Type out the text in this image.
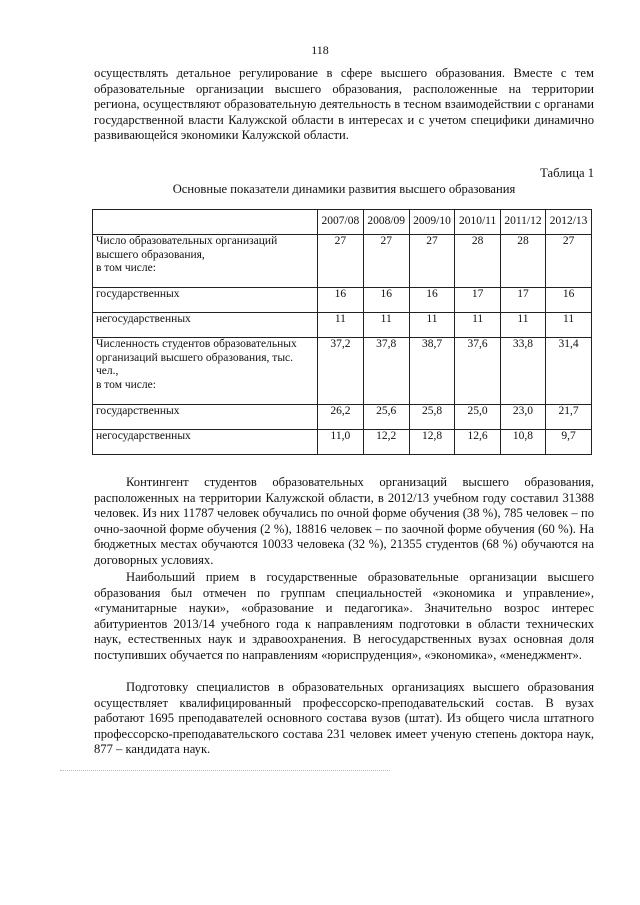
118

осуществлять детальное регулирование в сфере высшего образования. Вместе с тем образовательные организации высшего образования, расположенные на территории региона, осуществляют образовательную деятельность в тесном взаимодействии с органами государственной власти Калужской области в интересах и с учетом специфики динамично развивающейся экономики Калужской области.

Таблица 1
Основные показатели динамики развития высшего образования
	2007/08	2008/09	2009/10	2010/11	2011/12	2012/13
Число образовательных организаций высшего образования,
в том числе:	27	27	27	28	28	27
государственных	16	16	16	17	17	16
негосударственных	11	11	11	11	11	11
Численность студентов образовательных организаций высшего образования, тыс. чел.,
в том числе:	37,2	37,8	38,7	37,6	33,8	31,4
государственных	26,2	25,6	25,8	25,0	23,0	21,7
негосударственных	11,0	12,2	12,8	12,6	10,8	9,7

Контингент студентов образовательных организаций высшего образования, расположенных на территории Калужской области, в 2012/13 учебном году составил 31388 человек. Из них 11787 человек обучались по очной форме обучения (38 %), 785 человек – по очно-заочной форме обучения (2 %), 18816 человек – по заочной форме обучения (60 %). На бюджетных местах обучаются 10033 человека (32 %), 21355 студентов (68 %) обучаются на договорных условиях.

Наибольший прием в государственные образовательные организации высшего образования был отмечен по группам специальностей «экономика и управление», «гуманитарные науки», «образование и педагогика». Значительно возрос интерес абитуриентов 2013/14 учебного года к направлениям подготовки в области технических наук, естественных наук и здравоохранения. В негосударственных вузах основная доля поступивших обучается по направлениям «юриспруденция», «экономика», «менеджмент».

Подготовку специалистов в образовательных организациях высшего образования осуществляет квалифицированный профессорско-преподавательский состав. В вузах работают 1695 преподавателей основного состава вузов (штат). Из общего числа штатного профессорско-преподавательского состава 231 человек имеет ученую степень доктора наук, 877 – кандидата наук.
